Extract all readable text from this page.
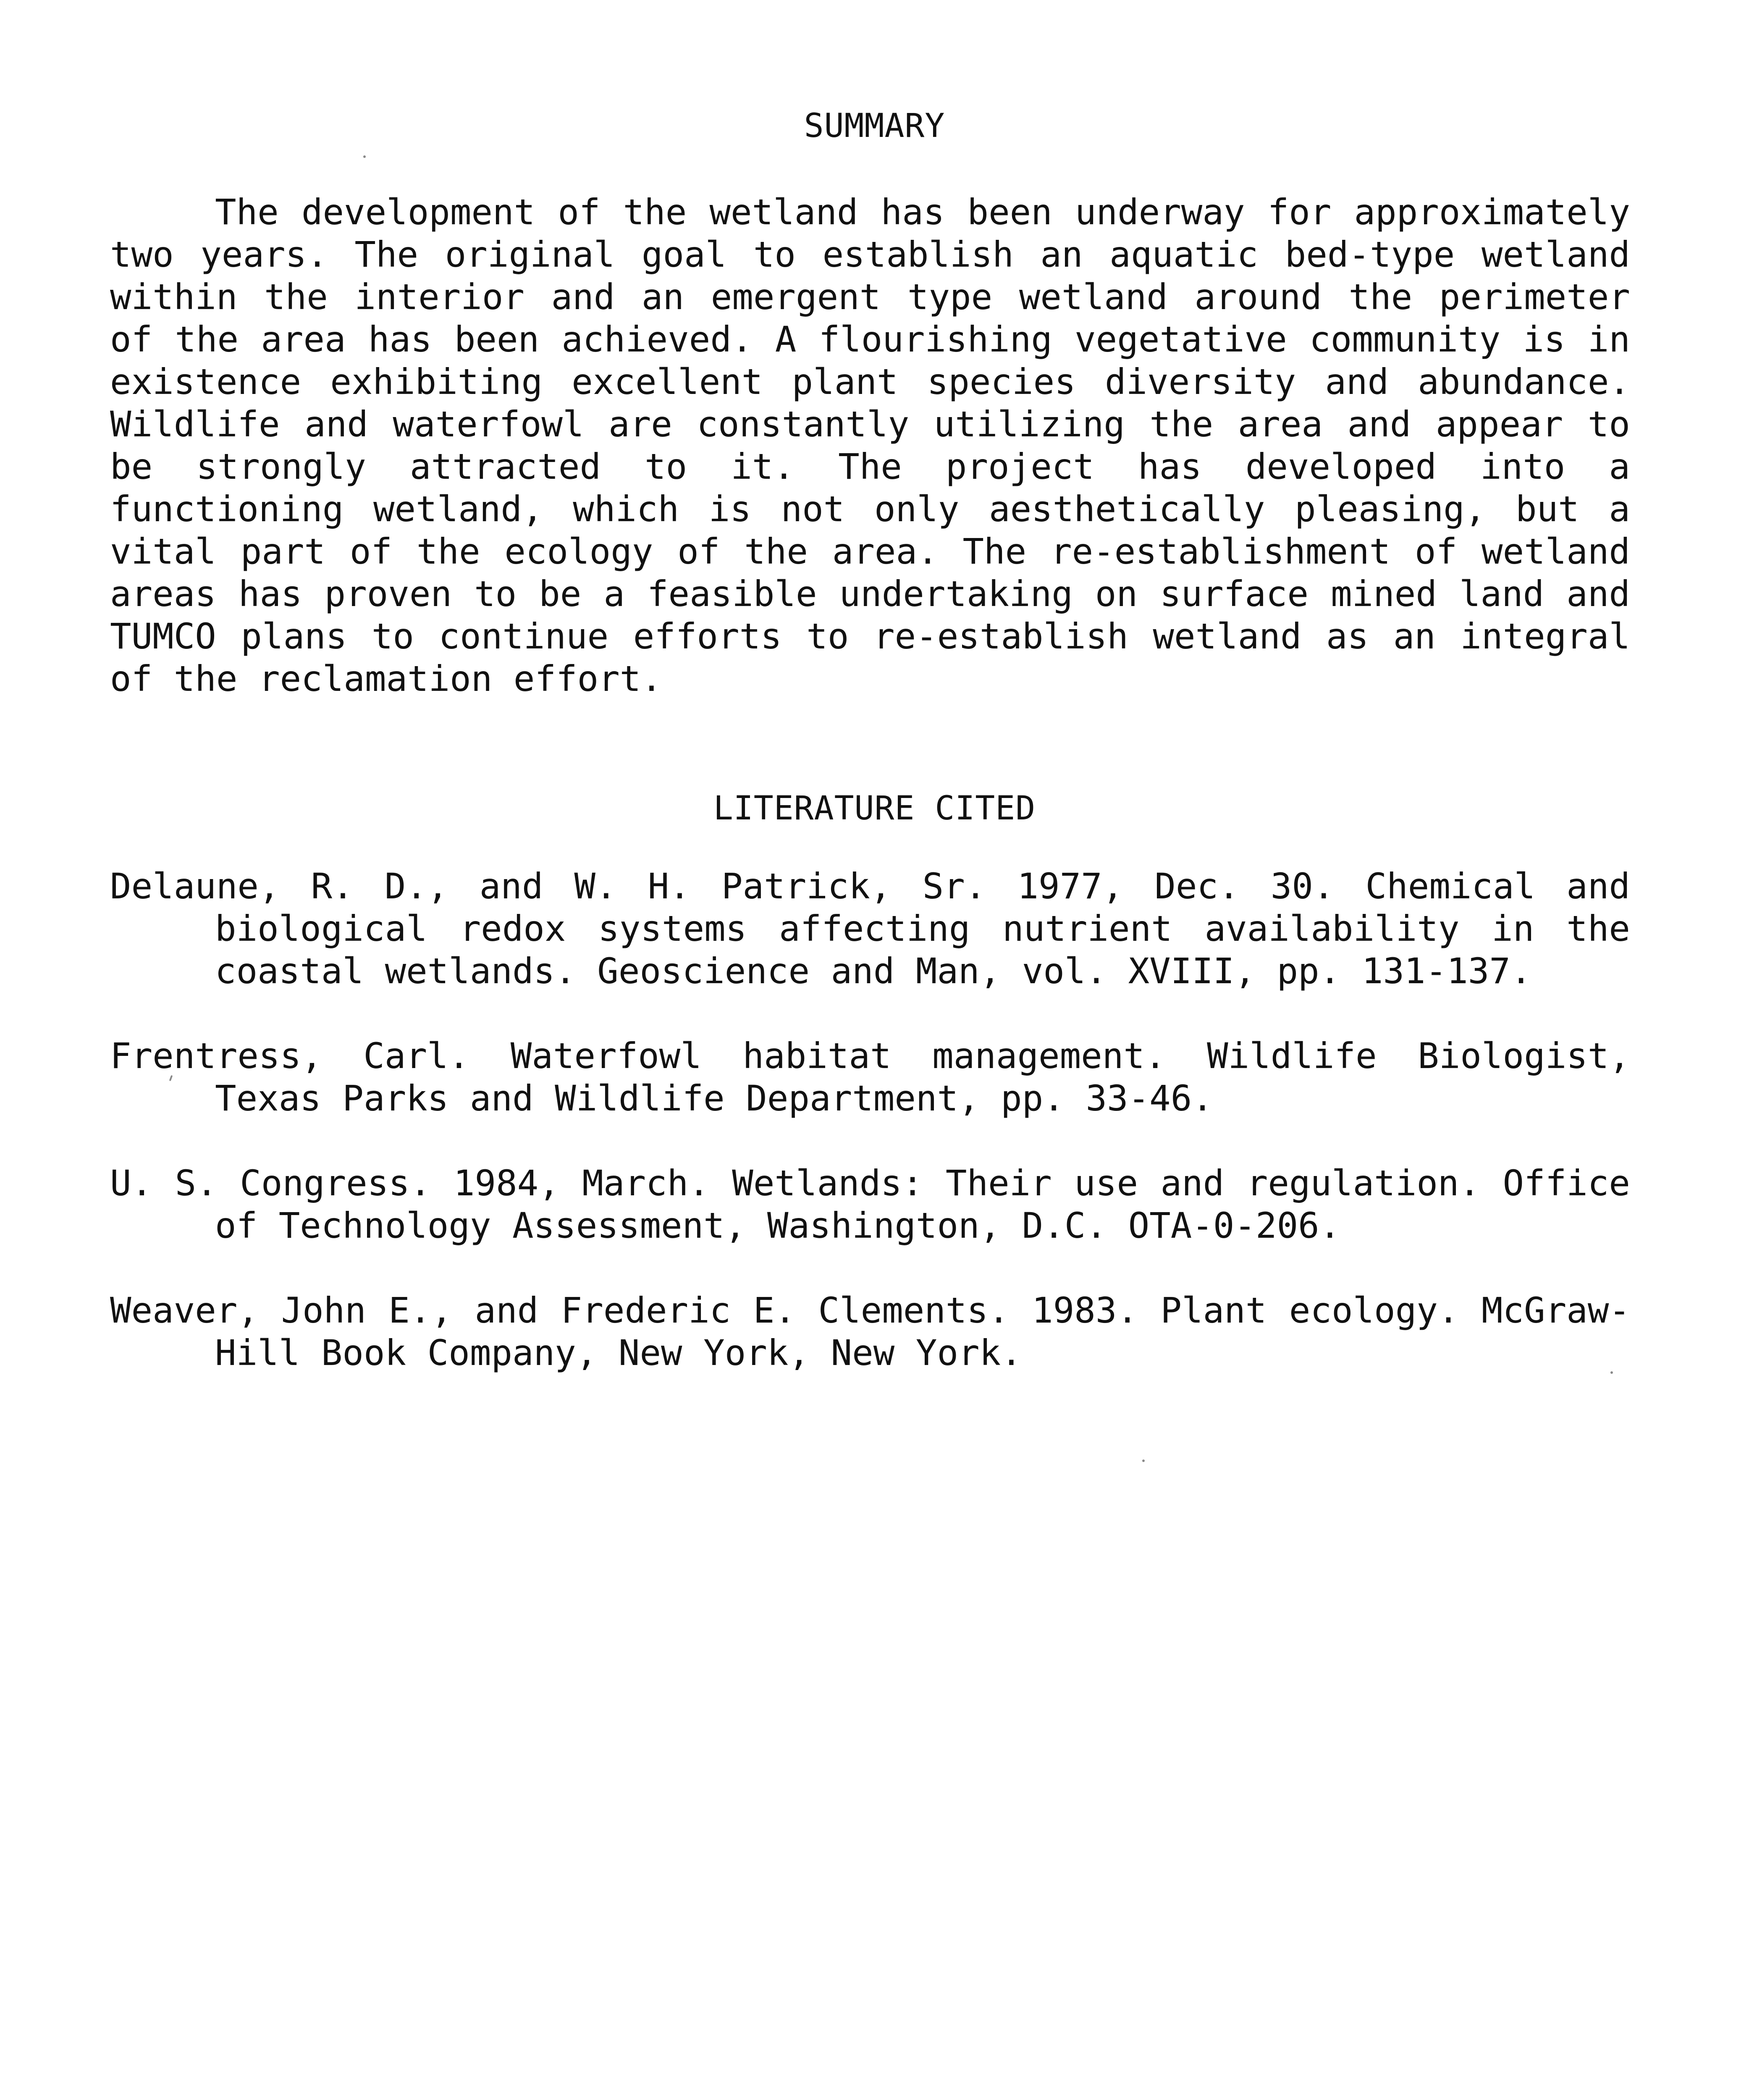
SUMMARY

The development of the wetland has been underway for approximately two years. The original goal to establish an aquatic bed-type wetland within the interior and an emergent type wetland around the perimeter of the area has been achieved. A flourishing vegetative community is in existence exhibiting excellent plant species diversity and abundance. Wildlife and waterfowl are constantly utilizing the area and appear to be strongly attracted to it. The project has developed into a functioning wetland, which is not only aesthetically pleasing, but a vital part of the ecology of the area. The re-establishment of wetland areas has proven to be a feasible undertaking on surface mined land and TUMCO plans to continue efforts to re-establish wetland as an integral of the reclamation effort.

LITERATURE CITED
Delaune, R. D., and W. H. Patrick, Sr. 1977, Dec. 30. Chemical and biological redox systems affecting nutrient availability in the coastal wetlands. Geoscience and Man, vol. XVIII, pp. 131-137.
Frentress, Carl. Waterfowl habitat management. Wildlife Biologist, Texas Parks and Wildlife Department, pp. 33-46.
U. S. Congress. 1984, March. Wetlands: Their use and regulation. Office of Technology Assessment, Washington, D.C. OTA-0-206.
Weaver, John E., and Frederic E. Clements. 1983. Plant ecology. McGraw-Hill Book Company, New York, New York.
